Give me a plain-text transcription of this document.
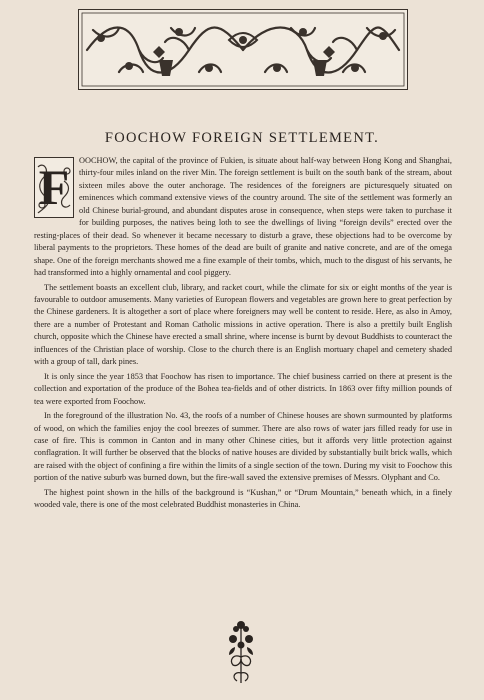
FOOCHOW FOREIGN SETTLEMENT.

F OOCHOW, the capital of the province of Fukien, is situate about half-way between Hong Kong and Shanghai, thirty-four miles inland on the river Min. The foreign settlement is built on the south bank of the stream, about sixteen miles above the outer anchorage. The residences of the foreigners are picturesquely situated on eminences which command extensive views of the country around. The site of the settlement was formerly an old Chinese burial-ground, and abundant disputes arose in consequence, when steps were taken to purchase it for building purposes, the natives being loth to see the dwellings of living “foreign devils” erected over the resting-places of their dead. So whenever it became necessary to disturb a grave, these objections had to be overcome by liberal payments to the proprietors. These homes of the dead are built of granite and native concrete, and are of the omega shape. One of the foreign merchants showed me a fine example of their tombs, which, much to the disgust of his servants, he had transformed into a highly ornamental and cool piggery.

The settlement boasts an excellent club, library, and racket court, while the climate for six or eight months of the year is favourable to outdoor amusements. Many varieties of European flowers and vegetables are grown here to great perfection by the Chinese gardeners. It is altogether a sort of place where foreigners may well be content to reside. Here, as also in Amoy, there are a number of Protestant and Roman Catholic missions in active operation. There is also a prettily built English church, opposite which the Chinese have erected a small shrine, where incense is burnt by devout Buddhists to counteract the influences of the Christian place of worship. Close to the church there is an English mortuary chapel and cemetery shaded with a group of tall, dark pines.

It is only since the year 1853 that Foochow has risen to importance. The chief business carried on there at present is the collection and exportation of the produce of the Bohea tea-fields and of other districts. In 1863 over fifty million pounds of tea were exported from Foochow.

In the foreground of the illustration No. 43, the roofs of a number of Chinese houses are shown surmounted by platforms of wood, on which the families enjoy the cool breezes of summer. There are also rows of water jars filled ready for use in case of fire. This is common in Canton and in many other Chinese cities, but it affords very little protection against conflagration. It will further be observed that the blocks of native houses are divided by substantially built brick walls, which are raised with the object of confining a fire within the limits of a single section of the town. During my visit to Foochow this portion of the native suburb was burned down, but the fire-wall saved the extensive premises of Messrs. Olyphant and Co.

The highest point shown in the hills of the background is “Kushan,” or “Drum Mountain,” beneath which, in a finely wooded vale, there is one of the most celebrated Buddhist monasteries in China.
